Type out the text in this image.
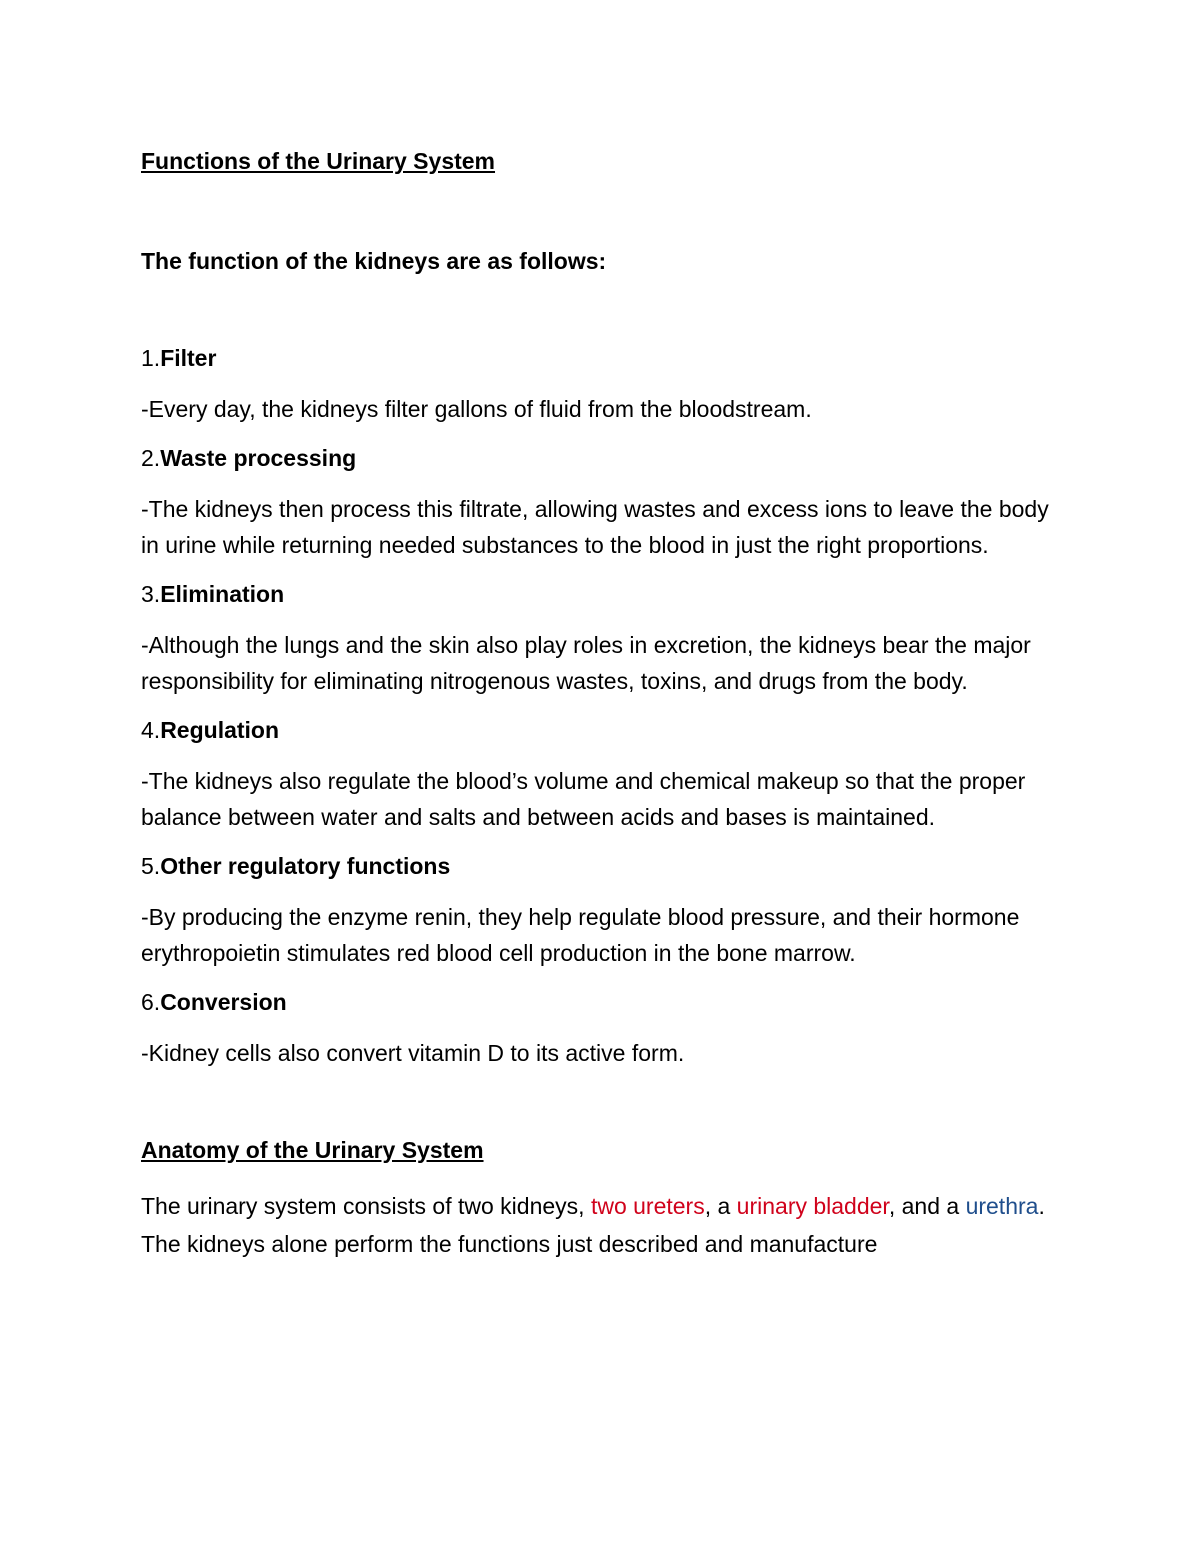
Functions of the Urinary System

The function of the kidneys are as follows:

1.Filter

-Every day, the kidneys filter gallons of fluid from the bloodstream.

2.Waste processing

-The kidneys then process this filtrate, allowing wastes and excess ions to leave the body in urine while returning needed substances to the blood in just the right proportions.

3.Elimination

-Although the lungs and the skin also play roles in excretion, the kidneys bear the major responsibility for eliminating nitrogenous wastes, toxins, and drugs from the body.

4.Regulation

-The kidneys also regulate the blood’s volume and chemical makeup so that the proper balance between water and salts and between acids and bases is maintained.

5.Other regulatory functions

-By producing the enzyme renin, they help regulate blood pressure, and their hormone erythropoietin stimulates red blood cell production in the bone marrow.

6.Conversion

-Kidney cells also convert vitamin D to its active form.

Anatomy of the Urinary System

The urinary system consists of two kidneys, two ureters, a urinary bladder, and a urethra. The kidneys alone perform the functions just described and manufacture
